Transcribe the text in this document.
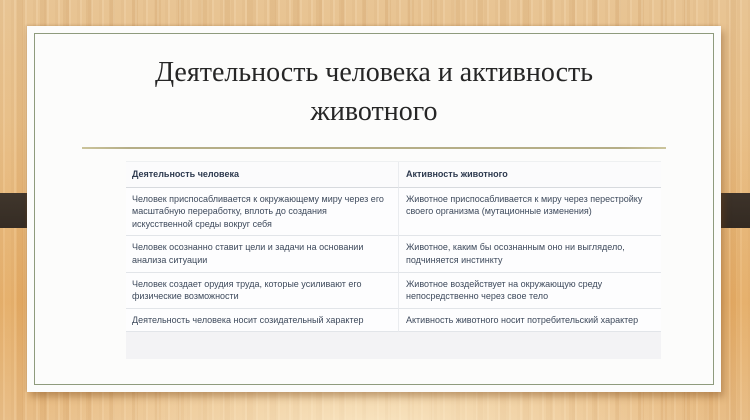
Деятельность человека и активность животного
Деятельность человека	Активность животного
Человек приспосабливается к окружающему миру через его масштабную переработку, вплоть до создания искусственной среды вокруг себя
Животное приспосабливается к миру через перестройку своего организма (мутационные изменения)
Человек осознанно ставит цели и задачи на основании анализа ситуации
Животное, каким бы осознанным оно ни выглядело, подчиняется инстинкту
Человек создает орудия труда, которые усиливают его физические возможности
Животное воздействует на окружающую среду непосредственно через свое тело
Деятельность человека носит созидательный характер	Активность животного носит потребительский характер
